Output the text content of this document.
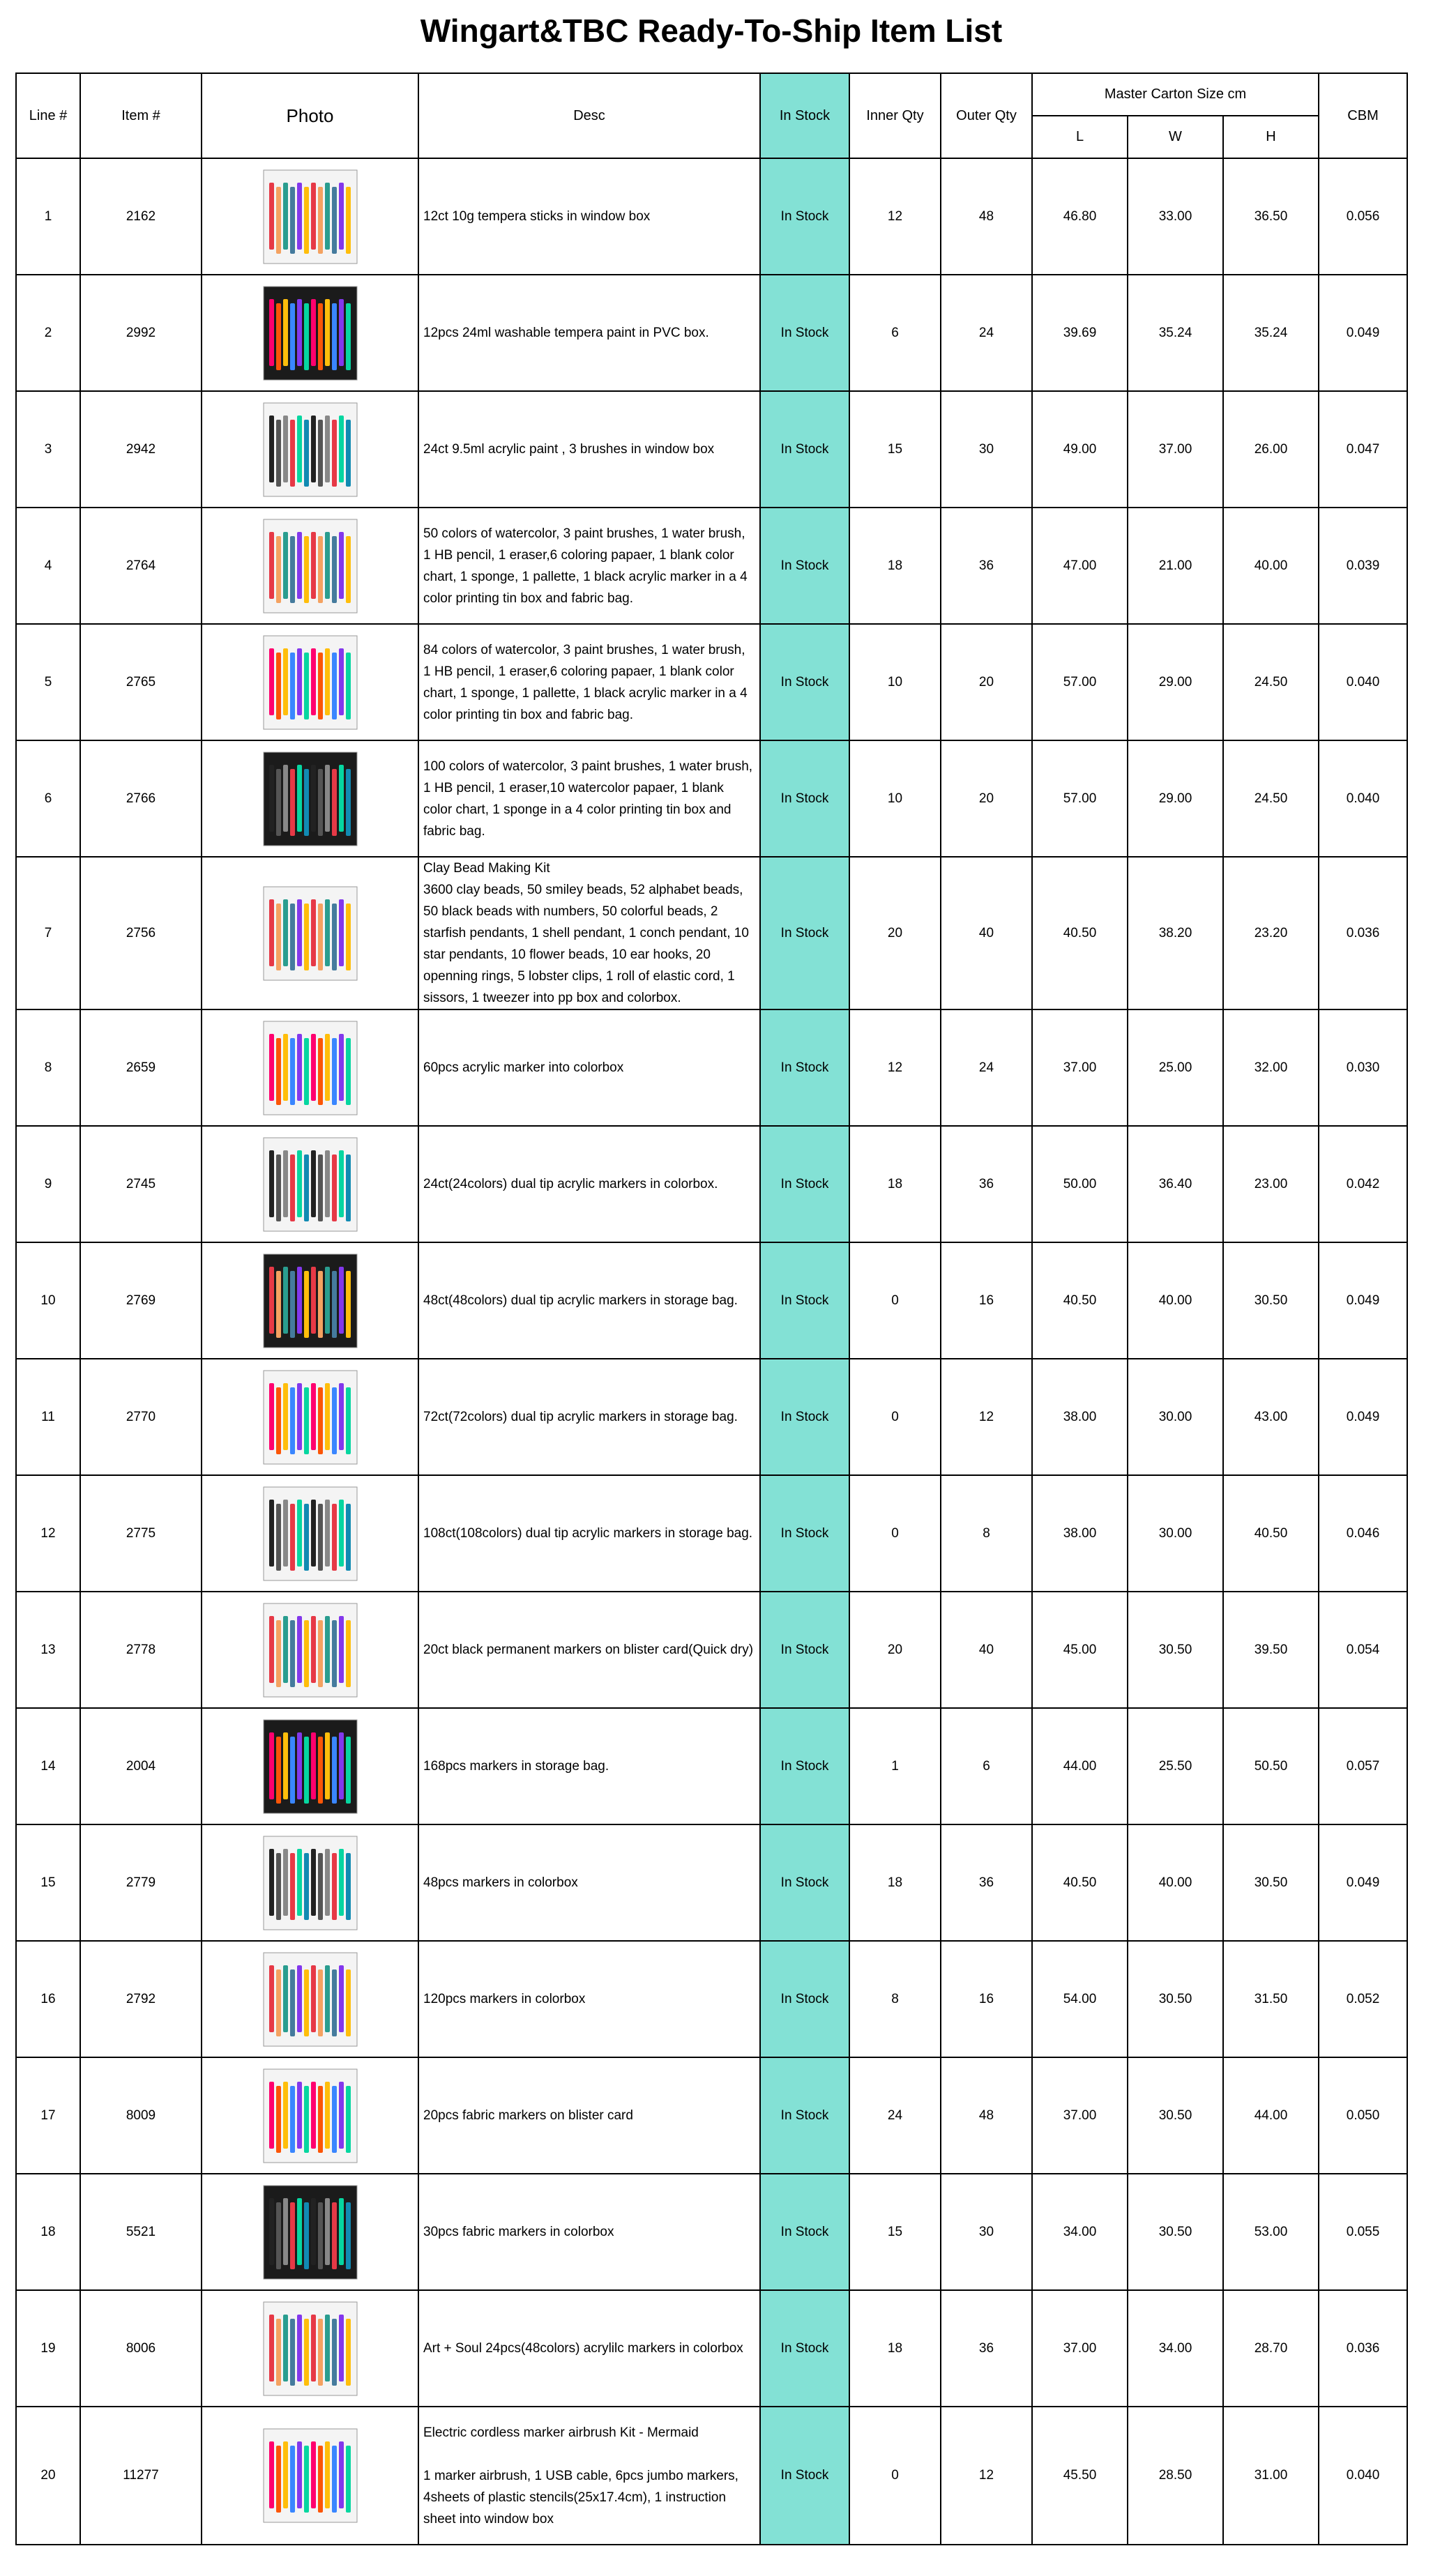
Wingart&TBC Ready-To-Ship Item List
Line #	Item #	Photo	Desc	In Stock	Inner Qty	Outer Qty	Master Carton Size cm			CBM
							L	W	H	
1	2162		12ct 10g tempera sticks in window box	In Stock	12	48	46.80	33.00	36.50	0.056
2	2992		12pcs 24ml washable tempera paint in PVC box.	In Stock	6	24	39.69	35.24	35.24	0.049
3	2942		24ct 9.5ml acrylic paint , 3 brushes in window box	In Stock	15	30	49.00	37.00	26.00	0.047
4	2764		50 colors of watercolor, 3 paint brushes, 1 water brush, 1 HB pencil, 1 eraser,6 coloring papaer, 1 blank color chart, 1 sponge, 1 pallette, 1 black acrylic marker in a 4 color printing tin box and fabric bag.	In Stock	18	36	47.00	21.00	40.00	0.039
5	2765		84 colors of watercolor, 3 paint brushes, 1 water brush, 1 HB pencil, 1 eraser,6 coloring papaer, 1 blank color chart, 1 sponge, 1 pallette, 1 black acrylic marker in a 4 color printing tin box and fabric bag.	In Stock	10	20	57.00	29.00	24.50	0.040
6	2766		100 colors of watercolor, 3 paint brushes, 1 water brush, 1 HB pencil, 1 eraser,10 watercolor papaer, 1 blank color chart, 1 sponge in a 4 color printing tin box and fabric bag.	In Stock	10	20	57.00	29.00	24.50	0.040
7	2756		Clay Bead Making Kit
3600 clay beads, 50 smiley beads, 52 alphabet beads, 50 black beads with numbers, 50 colorful beads, 2 starfish pendants, 1 shell pendant, 1 conch pendant, 10 star pendants, 10 flower beads, 10 ear hooks, 20 openning rings, 5 lobster clips, 1 roll of elastic cord, 1 sissors, 1 tweezer into pp box and colorbox.	In Stock	20	40	40.50	38.20	23.20	0.036
8	2659		60pcs acrylic marker into colorbox	In Stock	12	24	37.00	25.00	32.00	0.030
9	2745		24ct(24colors) dual tip acrylic markers in colorbox.	In Stock	18	36	50.00	36.40	23.00	0.042
10	2769		48ct(48colors) dual tip acrylic markers in storage bag.	In Stock	0	16	40.50	40.00	30.50	0.049
11	2770		72ct(72colors) dual tip acrylic markers in storage bag.	In Stock	0	12	38.00	30.00	43.00	0.049
12	2775		108ct(108colors) dual tip acrylic markers in storage bag.	In Stock	0	8	38.00	30.00	40.50	0.046
13	2778		20ct black permanent markers on blister card(Quick dry)	In Stock	20	40	45.00	30.50	39.50	0.054
14	2004		168pcs markers in storage bag.	In Stock	1	6	44.00	25.50	50.50	0.057
15	2779		48pcs markers in colorbox	In Stock	18	36	40.50	40.00	30.50	0.049
16	2792		120pcs markers in colorbox	In Stock	8	16	54.00	30.50	31.50	0.052
17	8009		20pcs fabric markers on blister card	In Stock	24	48	37.00	30.50	44.00	0.050
18	5521		30pcs fabric markers in colorbox	In Stock	15	30	34.00	30.50	53.00	0.055
19	8006		Art + Soul 24pcs(48colors) acrylilc markers in colorbox	In Stock	18	36	37.00	34.00	28.70	0.036
20	11277		Electric cordless marker airbrush Kit - Mermaid
1 marker airbrush, 1 USB cable, 6pcs jumbo markers, 4sheets of plastic stencils(25x17.4cm), 1 instruction sheet into window box	In Stock	0	12	45.50	28.50	31.00	0.040
